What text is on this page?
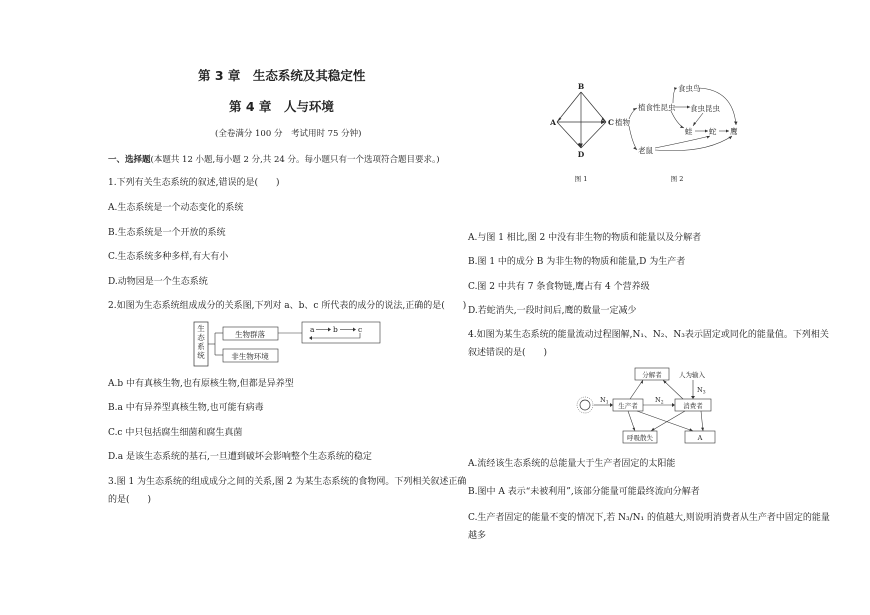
第 3 章　生态系统及其稳定性
第 4 章　人与环境
(全卷满分 100 分　考试用时 75 分钟)
一、选择题(本题共 12 小题,每小题 2 分,共 24 分。每小题只有一个选项符合题目要求。)
1.下列有关生态系统的叙述,错误的是(　　)
A.生态系统是一个动态变化的系统
B.生态系统是一个开放的系统
C.生态系统多种多样,有大有小
D.动物园是一个生态系统
2.如图为生态系统组成成分的关系图,下列对 a、b、c 所代表的成分的说法,正确的是(　　)
生
态
系
统
生物群落
非生物环境
a b	c
A.b 中有真核生物,也有原核生物,但都是异养型
B.a 中有异养型真核生物,也可能有病毒
C.c 中只包括腐生细菌和腐生真菌
D.a 是该生态系统的基石,一旦遭到破坏会影响整个生态系统的稳定
3.图 1 为生态系统的组成成分之间的关系,图 2 为某生态系统的食物网。下列相关叙述正确
的是(　　)
B
A	C
D
图 1
植物
植食性昆虫
食虫鸟
食虫昆虫
蛙 蛇 鹰
老鼠
图 2
A.与图 1 相比,图 2 中没有非生物的物质和能量以及分解者
B.图 1 中的成分 B 为非生物的物质和能量,D 为生产者
C.图 2 中共有 7 条食物链,鹰占有 4 个营养级
D.若蛇消失,一段时间后,鹰的数量一定减少
4.如图为某生态系统的能量流动过程图解,N₁、N₂、N₃表示固定或同化的能量值。下列相关
叙述错误的是(　　)
$N_1$ 生产者
分解者	人为输入
$N_3$
消费者
$N_2$
呼吸散失	A
A.流经该生态系统的总能量大于生产者固定的太阳能
B.图中 A 表示“未被利用”,该部分能量可能最终流向分解者
C.生产者固定的能量不变的情况下,若 N₃/N₁ 的值越大,则说明消费者从生产者中固定的能量
越多
